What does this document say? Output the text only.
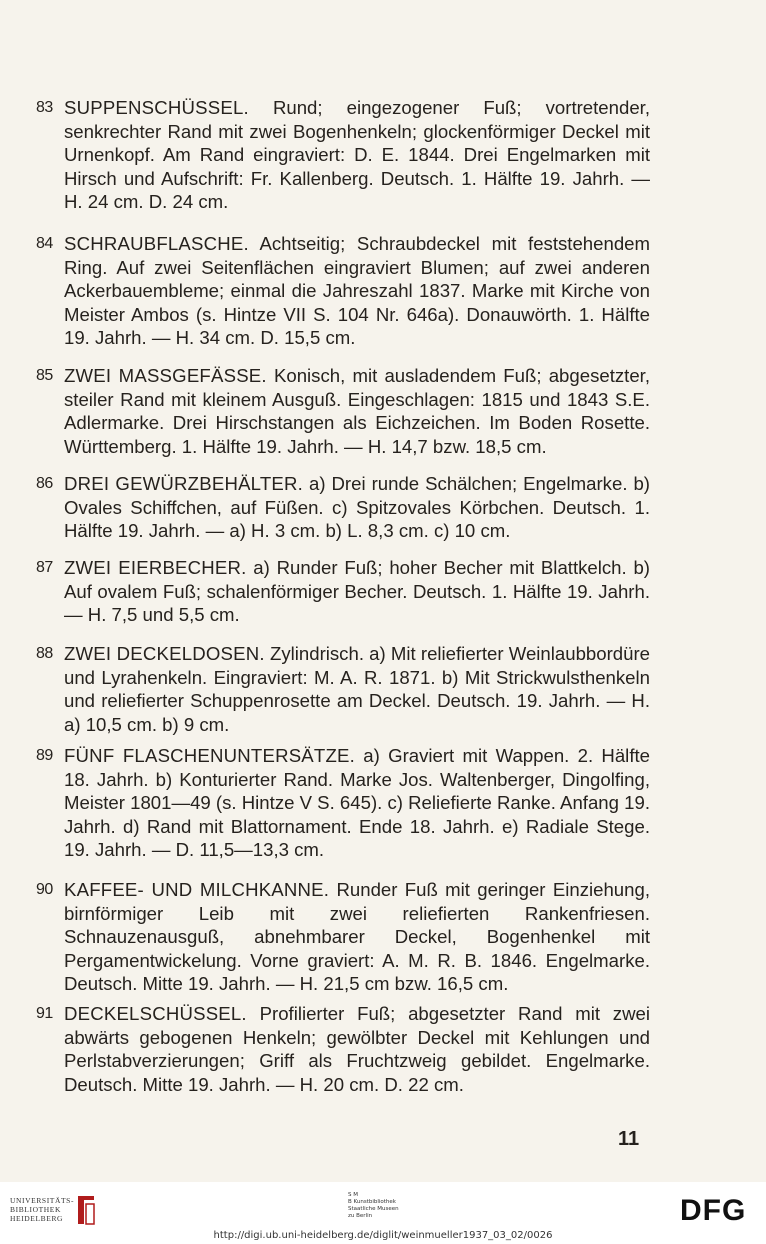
83 SUPPENSCHÜSSEL. Rund; eingezogener Fuß; vortretender, senkrechter Rand mit zwei Bogenhenkeln; glockenförmiger Deckel mit Urnenkopf. Am Rand eingraviert: D. E. 1844. Drei Engelmarken mit Hirsch und Aufschrift: Fr. Kallenberg. Deutsch. 1. Hälfte 19. Jahrh. — H. 24 cm. D. 24 cm.
84 SCHRAUBFLASCHE. Achtseitig; Schraubdeckel mit feststehendem Ring. Auf zwei Seitenflächen eingraviert Blumen; auf zwei anderen Ackerbauembleme; einmal die Jahreszahl 1837. Marke mit Kirche von Meister Ambos (s. Hintze VII S. 104 Nr. 646a). Donauwörth. 1. Hälfte 19. Jahrh. — H. 34 cm. D. 15,5 cm.
85 ZWEI MASSGEFÄSSE. Konisch, mit ausladendem Fuß; abgesetzter, steiler Rand mit kleinem Ausguß. Eingeschlagen: 1815 und 1843 S.E. Adlermarke. Drei Hirschstangen als Eichzeichen. Im Boden Rosette. Württemberg. 1. Hälfte 19. Jahrh. — H. 14,7 bzw. 18,5 cm.
86 DREI GEWÜRZBEHÄLTER. a) Drei runde Schälchen; Engelmarke. b) Ovales Schiffchen, auf Füßen. c) Spitzovales Körbchen. Deutsch. 1. Hälfte 19. Jahrh. — a) H. 3 cm. b) L. 8,3 cm. c) 10 cm.
87 ZWEI EIERBECHER. a) Runder Fuß; hoher Becher mit Blattkelch. b) Auf ovalem Fuß; schalenförmiger Becher. Deutsch. 1. Hälfte 19. Jahrh. — H. 7,5 und 5,5 cm.
88 ZWEI DECKELDOSEN. Zylindrisch. a) Mit reliefierter Weinlaubbordüre und Lyrahenkeln. Eingraviert: M. A. R. 1871. b) Mit Strickwulsthenkeln und reliefierter Schuppenrosette am Deckel. Deutsch. 19. Jahrh. — H. a) 10,5 cm. b) 9 cm.
89 FÜNF FLASCHENUNTERSÄTZE. a) Graviert mit Wappen. 2. Hälfte 18. Jahrh. b) Konturierter Rand. Marke Jos. Waltenberger, Dingolfing, Meister 1801—49 (s. Hintze V S. 645). c) Reliefierte Ranke. Anfang 19. Jahrh. d) Rand mit Blattornament. Ende 18. Jahrh. e) Radiale Stege. 19. Jahrh. — D. 11,5—13,3 cm.
90 KAFFEE- UND MILCHKANNE. Runder Fuß mit geringer Einziehung, birnförmiger Leib mit zwei reliefierten Rankenfriesen. Schnauzenausguß, abnehmbarer Deckel, Bogenhenkel mit Pergamentwickelung. Vorne graviert: A. M. R. B. 1846. Engelmarke. Deutsch. Mitte 19. Jahrh. — H. 21,5 cm bzw. 16,5 cm.
91 DECKELSCHÜSSEL. Profilierter Fuß; abgesetzter Rand mit zwei abwärts gebogenen Henkeln; gewölbter Deckel mit Kehlungen und Perlstabverzierungen; Griff als Fruchtzweig gebildet. Engelmarke. Deutsch. Mitte 19. Jahrh. — H. 20 cm. D. 22 cm.
11
UNIVERSITÄTS-
BIBLIOTHEK
HEIDELBERG
S M
B Kunstbibliothek
Staatliche Museen
zu Berlin	DFG
http://digi.ub.uni-heidelberg.de/diglit/weinmueller1937_03_02/0026
